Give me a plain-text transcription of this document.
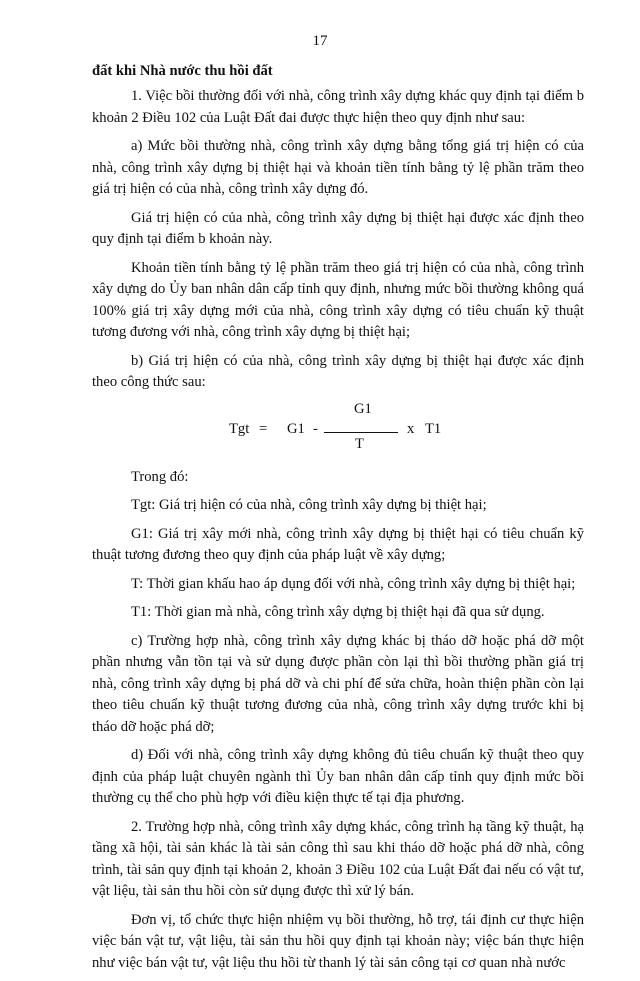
17
đất khi Nhà nước thu hồi đất

1. Việc bồi thường đối với nhà, công trình xây dựng khác quy định tại điểm b khoản 2 Điều 102 của Luật Đất đai được thực hiện theo quy định như sau:

a) Mức bồi thường nhà, công trình xây dựng bằng tổng giá trị hiện có của nhà, công trình xây dựng bị thiệt hại và khoản tiền tính bằng tỷ lệ phần trăm theo giá trị hiện có của nhà, công trình xây dựng đó.

Giá trị hiện có của nhà, công trình xây dựng bị thiệt hại được xác định theo quy định tại điểm b khoản này.

Khoản tiền tính bằng tỷ lệ phần trăm theo giá trị hiện có của nhà, công trình xây dựng do Ủy ban nhân dân cấp tỉnh quy định, nhưng mức bồi thường không quá 100% giá trị xây dựng mới của nhà, công trình xây dựng có tiêu chuẩn kỹ thuật tương đương với nhà, công trình xây dựng bị thiệt hại;

b) Giá trị hiện có của nhà, công trình xây dựng bị thiệt hại được xác định theo công thức sau:

Tgt = G1 -
G1
T
x T1

Trong đó:

Tgt: Giá trị hiện có của nhà, công trình xây dựng bị thiệt hại;

G1: Giá trị xây mới nhà, công trình xây dựng bị thiệt hại có tiêu chuẩn kỹ thuật tương đương theo quy định của pháp luật về xây dựng;

T: Thời gian khấu hao áp dụng đối với nhà, công trình xây dựng bị thiệt hại;

T1: Thời gian mà nhà, công trình xây dựng bị thiệt hại đã qua sử dụng.

c) Trường hợp nhà, công trình xây dựng khác bị tháo dỡ hoặc phá dỡ một phần nhưng vẫn tồn tại và sử dụng được phần còn lại thì bồi thường phần giá trị nhà, công trình xây dựng bị phá dỡ và chi phí để sửa chữa, hoàn thiện phần còn lại theo tiêu chuẩn kỹ thuật tương đương của nhà, công trình xây dựng trước khi bị tháo dỡ hoặc phá dỡ;

d) Đối với nhà, công trình xây dựng không đủ tiêu chuẩn kỹ thuật theo quy định của pháp luật chuyên ngành thì Ủy ban nhân dân cấp tỉnh quy định mức bồi thường cụ thể cho phù hợp với điều kiện thực tế tại địa phương.

2. Trường hợp nhà, công trình xây dựng khác, công trình hạ tầng kỹ thuật, hạ tầng xã hội, tài sản khác là tài sản công thì sau khi tháo dỡ hoặc phá dỡ nhà, công trình, tài sản quy định tại khoản 2, khoản 3 Điều 102 của Luật Đất đai nếu có vật tư, vật liệu, tài sản thu hồi còn sử dụng được thì xử lý bán.

Đơn vị, tổ chức thực hiện nhiệm vụ bồi thường, hỗ trợ, tái định cư thực hiện việc bán vật tư, vật liệu, tài sản thu hồi quy định tại khoản này; việc bán thực hiện như việc bán vật tư, vật liệu thu hồi từ thanh lý tài sản công tại cơ quan nhà nước
